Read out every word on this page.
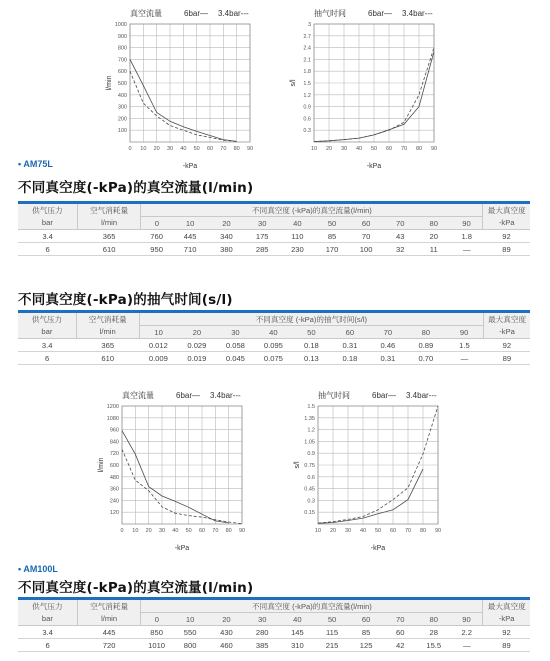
真空流量	6bar— 3.4bar---
100
200
300
400
500
600
700
800
900
1000
0 10 20 30 40 50 60 70 80 90
-kPa
l/min
抽气时间	6bar— 3.4bar---
0.3
0.6
0.9
1.2
1.5
1.8
2.1
2.4
2.7
3
10 20 30 40 50 60 70 80 90
-kPa
s/l
真空流量	6bar— 3.4bar---
120
240
360
480
600
720
840
960
1080
1200
0 10 20 30 40 50 60 70 80 90
-kPa
l/min
抽气时间	6bar— 3.4bar---
0.15
0.3
0.45
0.6
0.75
0.9
1.05
1.2
1.35
1.5
10 20 30 40 50 60 70 80 90
-kPa
s/l
• AM75L
不同真空度(-kPa)的真空流量(l/min)
供气压力	空气消耗量	不同真空度 (-kPa)的真空流量(l/min)										最大真空度
bar	l/min	0	10	20	30	40	50	60	70	80	90	-kPa
3.4	365	760	445	340	175	110	85	70	43	20	1.8	92
6	610	950	710	380	285	230	170	100	32	11	—	89
不同真空度(-kPa)的抽气时间(s/l)
供气压力	空气消耗量	不同真空度 (-kPa)的抽气时间(s/l)									最大真空度
bar	l/min	10	20	30	40	50	60	70	80	90	-kPa
3.4	365	0.012	0.029	0.058	0.095	0.18	0.31	0.46	0.89	1.5	92
6	610	0.009	0.019	0.045	0.075	0.13	0.18	0.31	0.70	—	89
• AM100L
不同真空度(-kPa)的真空流量(l/min)
供气压力	空气消耗量	不同真空度 (-kPa)的真空流量(l/min)										最大真空度
bar	l/min	0	10	20	30	40	50	60	70	80	90	-kPa
3.4	445	850	550	430	280	145	115	85	60	28	2.2	92
6	720	1010	800	460	385	310	215	125	42	15.5	—	89
